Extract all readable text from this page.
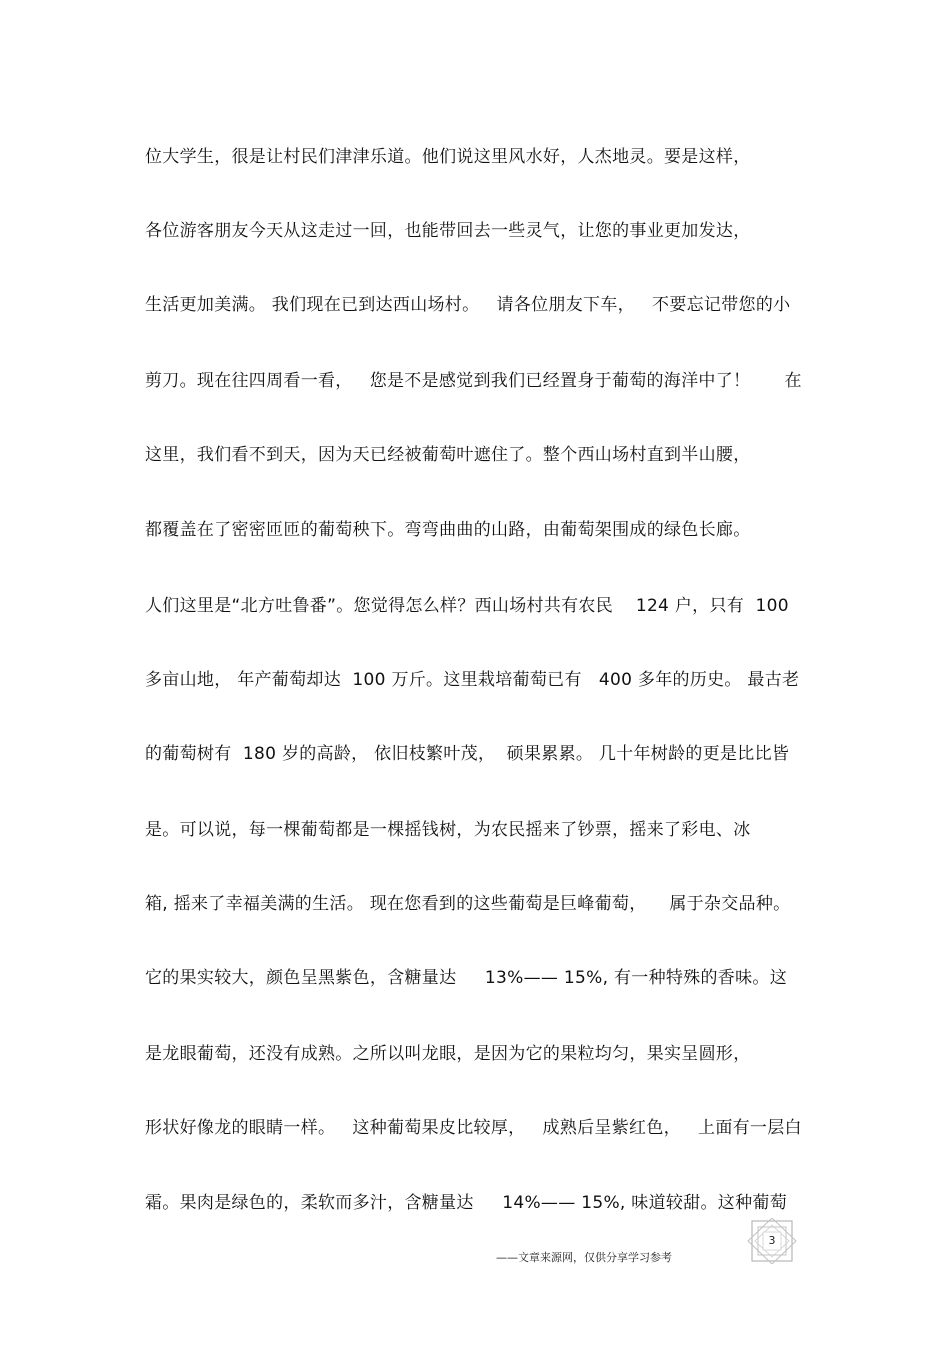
位大学生，很是让村民们津津乐道。他们说这里风水好，人杰地灵。要是这样，
各位游客朋友今天从这走过一回，也能带回去一些灵气，让您的事业更加发达，
生活更加美满。 我们现在已到达西山场村。   请各位朋友下车，   不要忘记带您的小
剪刀。现在往四周看一看，   您是不是感觉到我们已经置身于葡萄的海洋中了！      在
这里，我们看不到天，因为天已经被葡萄叶遮住了。整个西山场村直到半山腰，
都覆盖在了密密匝匝的葡萄秧下。弯弯曲曲的山路，由葡萄架围成的绿色长廊。
人们这里是“北方吐鲁番”。您觉得怎么样？西山场村共有农民    124 户，只有  100
多亩山地， 年产葡萄却达  100 万斤。这里栽培葡萄已有   400 多年的历史。 最古老
的葡萄树有  180 岁的高龄， 依旧枝繁叶茂，  硕果累累。 几十年树龄的更是比比皆
是。可以说，每一棵葡萄都是一棵摇钱树，为农民摇来了钞票，摇来了彩电、冰
箱, 摇来了幸福美满的生活。 现在您看到的这些葡萄是巨峰葡萄，    属于杂交品种。
它的果实较大，颜色呈黑紫色，含糖量达     13%—— 15%, 有一种特殊的香味。这
是龙眼葡萄，还没有成熟。之所以叫龙眼，是因为它的果粒均匀，果实呈圆形，
形状好像龙的眼睛一样。   这种葡萄果皮比较厚，   成熟后呈紫红色，   上面有一层白
霜。果肉是绿色的，柔软而多汁，含糖量达     14%—— 15%, 味道较甜。这种葡萄
3
——文章来源网，仅供分享学习参考
